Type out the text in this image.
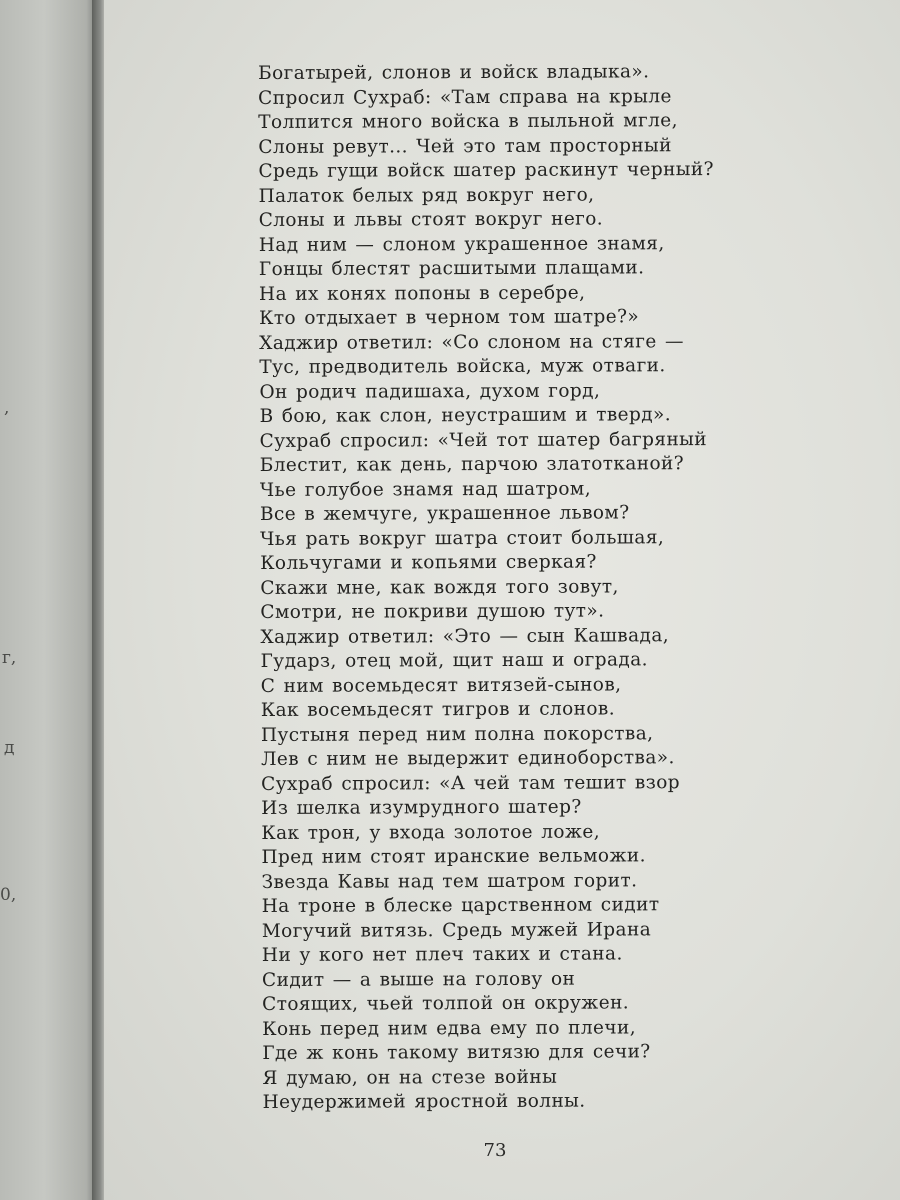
,
г,
д
0,
Богатырей, слонов и войск владыка».
Спросил Сухраб: «Там справа на крыле
Толпится много войска в пыльной мгле,
Слоны ревут... Чей это там просторный
Средь гущи войск шатер раскинут черный?
Палаток белых ряд вокруг него,
Слоны и львы стоят вокруг него.
Над ним — слоном украшенное знамя,
Гонцы блестят расшитыми плащами.
На их конях попоны в серебре,
Кто отдыхает в черном том шатре?»
Хаджир ответил: «Со слоном на стяге —
Тус, предводитель войска, муж отваги.
Он родич падишаха, духом горд,
В бою, как слон, неустрашим и тверд».
Сухраб спросил: «Чей тот шатер багряный
Блестит, как день, парчою златотканой?
Чье голубое знамя над шатром,
Все в жемчуге, украшенное львом?
Чья рать вокруг шатра стоит большая,
Кольчугами и копьями сверкая?
Скажи мне, как вождя того зовут,
Смотри, не покриви душою тут».
Хаджир ответил: «Это — сын Кашвада,
Гударз, отец мой, щит наш и ограда.
С ним восемьдесят витязей-сынов,
Как восемьдесят тигров и слонов.
Пустыня перед ним полна покорства,
Лев с ним не выдержит единоборства».
Сухраб спросил: «А чей там тешит взор
Из шелка изумрудного шатер?
Как трон, у входа золотое ложе,
Пред ним стоят иранские вельможи.
Звезда Кавы над тем шатром горит.
На троне в блеске царственном сидит
Могучий витязь. Средь мужей Ирана
Ни у кого нет плеч таких и стана.
Сидит — а выше на голову он
Стоящих, чьей толпой он окружен.
Конь перед ним едва ему по плечи,
Где ж конь такому витязю для сечи?
Я думаю, он на стезе войны
Неудержимей яростной волны.
73
